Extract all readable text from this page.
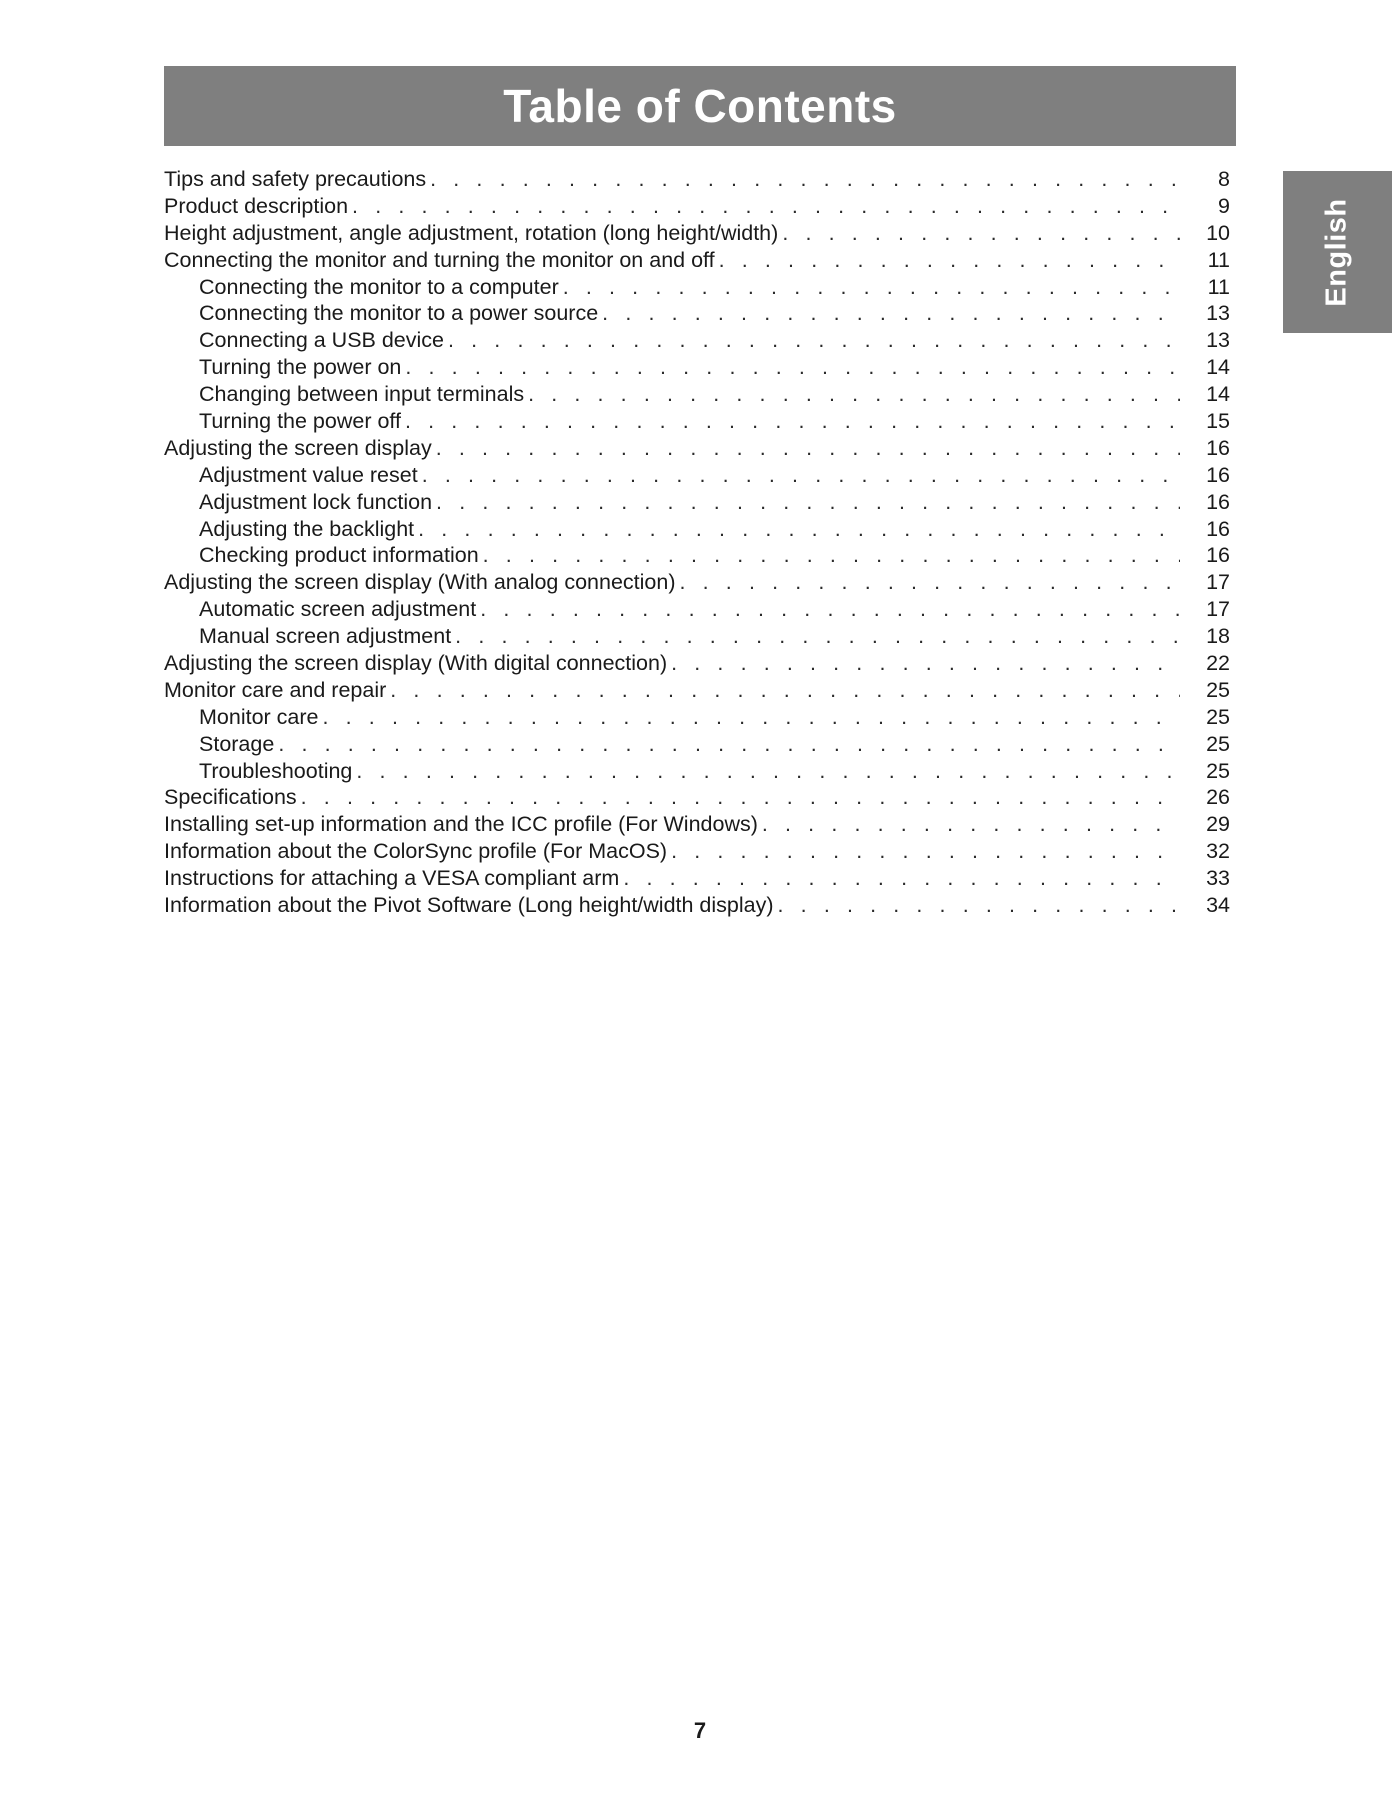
Table of Contents
English
Tips and safety precautions . . .	8
Product description . . .	9
Height adjustment, angle adjustment, rotation (long height/width) . . .	10
Connecting the monitor and turning the monitor on and off . . .	11
Connecting the monitor to a computer . . .	11
Connecting the monitor to a power source . . .	13
Connecting a USB device . . .	13
Turning the power on . . .	14
Changing between input terminals . . .	14
Turning the power off . . .	15
Adjusting the screen display . . .	16
Adjustment value reset . . .	16
Adjustment lock function . . .	16
Adjusting the backlight . . .	16
Checking product information . . .	16
Adjusting the screen display (With analog connection) . . .	17
Automatic screen adjustment . . .	17
Manual screen adjustment . . .	18
Adjusting the screen display (With digital connection) . . .	22
Monitor care and repair . . .	25
Monitor care . . .	25
Storage . . .	25
Troubleshooting . . .	25
Specifications . . .	26
Installing set-up information and the ICC profile (For Windows) . . .	29
Information about the ColorSync profile (For MacOS) . . .	32
Instructions for attaching a VESA compliant arm . . .	33
Information about the Pivot Software (Long height/width display) . . .	34
7
